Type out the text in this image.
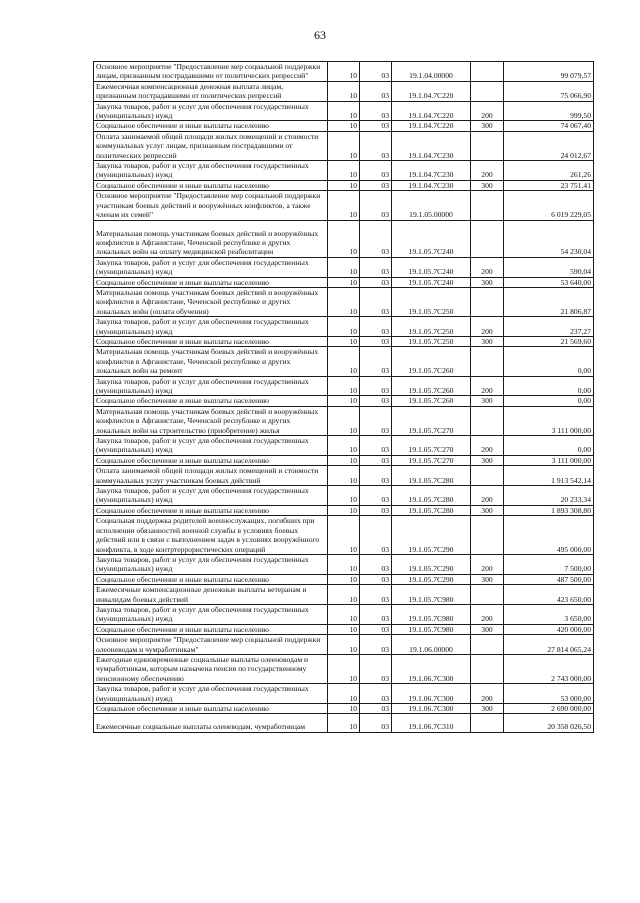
63
Основное мероприятие "Предоставление мер социальной поддержки лицам, признанным пострадавшими от политических репрессий"	10	03	19.1.04.00000		99 079,57
Ежемесячная компенсационная денежная выплата лицам, признанным пострадавшими от политических репрессий	10	03	19.1.04.7С220		75 066,90
Закупка товаров, работ и услуг для обеспечения государственных (муниципальных) нужд	10	03	19.1.04.7С220	200	999,50
Социальное обеспечение и иные выплаты населению	10	03	19.1.04.7С220	300	74 067,40
Оплата занимаемой общей площади жилых помещений и стоимости коммунальных услуг лицам, признанным пострадавшими от политических репрессий	10	03	19.1.04.7С230		24 012,67
Закупка товаров, работ и услуг для обеспечения государственных (муниципальных) нужд	10	03	19.1.04.7С230	200	261,26
Социальное обеспечение и иные выплаты населению	10	03	19.1.04.7С230	300	23 751,41
Основное мероприятие "Предоставление мер социальной поддержки участникам боевых действий и вооружённых конфликтов, а также членам их семей"	10	03	19.1.05.00000		6 019 229,05
Материальная помощь участникам боевых действий и вооружённых конфликтов в Афганистане, Чеченской республике и других локальных войн на оплату медицинской реабилитации	10	03	19.1.05.7С240		54 230,04
Закупка товаров, работ и услуг для обеспечения государственных (муниципальных) нужд	10	03	19.1.05.7С240	200	590,04
Социальное обеспечение и иные выплаты населению	10	03	19.1.05.7С240	300	53 640,00
Материальная помощь участникам боевых действий и вооружённых конфликтов в Афганистане, Чеченской республике и других локальных войн (оплата обучения)	10	03	19.1.05.7С250		21 806,87
Закупка товаров, работ и услуг для обеспечения государственных (муниципальных) нужд	10	03	19.1.05.7С250	200	237,27
Социальное обеспечение и иные выплаты населению	10	03	19.1.05.7С250	300	21 569,60
Материальная помощь участникам боевых действий и вооружённых конфликтов в Афганистане, Чеченской республике и других локальных войн на ремонт	10	03	19.1.05.7С260		0,00
Закупка товаров, работ и услуг для обеспечения государственных (муниципальных) нужд	10	03	19.1.05.7С260	200	0,00
Социальное обеспечение и иные выплаты населению	10	03	19.1.05.7С260	300	0,00
Материальная помощь участникам боевых действий и вооружённых конфликтов в Афганистане, Чеченской республике и других локальных войн на строительство (приобретение) жилья	10	03	19.1.05.7С270		3 111 000,00
Закупка товаров, работ и услуг для обеспечения государственных (муниципальных) нужд	10	03	19.1.05.7С270	200	0,00
Социальное обеспечение и иные выплаты населению	10	03	19.1.05.7С270	300	3 111 000,00
Оплата занимаемой общей площади жилых помещений и стоимости коммунальных услуг участникам боевых действий	10	03	19.1.05.7С280		1 913 542,14
Закупка товаров, работ и услуг для обеспечения государственных (муниципальных) нужд	10	03	19.1.05.7С280	200	20 233,34
Социальное обеспечение и иные выплаты населению	10	03	19.1.05.7С280	300	1 893 308,80
Социальная поддержка родителей военнослужащих, погибших при исполнении обязанностей военной службы в условиях боевых действий или в связи с выполнением задач в условиях вооружённого конфликта, в ходе контртеррористических операций	10	03	19.1.05.7С290		495 000,00
Закупка товаров, работ и услуг для обеспечения государственных (муниципальных) нужд	10	03	19.1.05.7С290	200	7 500,00
Социальное обеспечение и иные выплаты населению	10	03	19.1.05.7С290	300	487 500,00
Ежемесячные компенсационные денежные выплаты ветеранам и инвалидам боевых действий	10	03	19.1.05.7С980		423 650,00
Закупка товаров, работ и услуг для обеспечения государственных (муниципальных) нужд	10	03	19.1.05.7С980	200	3 650,00
Социальное обеспечение и иные выплаты населению	10	03	19.1.05.7С980	300	420 000,00
Основное мероприятие "Предоставление мер социальной поддержки олеоневодам и чумработникам"	10	03	19.1.06.00000		27 814 065,24
Ежегодные единовременные социальные выплаты олееноводам и чумработникам, которым назначена пенсия по государственному пенсионному обеспечению	10	03	19.1.06.7С300		2 743 000,00
Закупка товаров, работ и услуг для обеспечения государственных (муниципальных) нужд	10	03	19.1.06.7С300	200	53 000,00
Социальное обеспечение и иные выплаты населению	10	03	19.1.06.7С300	300	2 690 000,00
Ежемесячные социальные выплаты оленеводам, чумработницам	10	03	19.1.06.7С310		20 358 026,50
